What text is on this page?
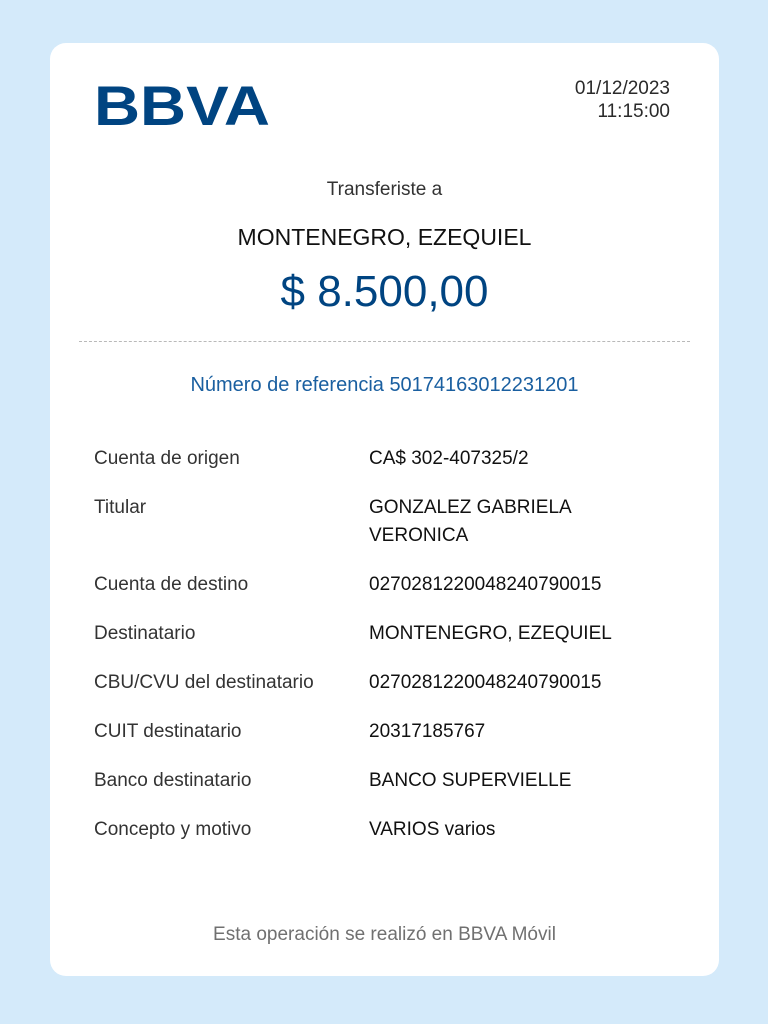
BBVA	01/12/2023
11:15:00
Transferiste a
MONTENEGRO, EZEQUIEL
$ 8.500,00
Número de referencia 50174163012231201
Cuenta de origen	CA$ 302-407325/2
Titular	GONZALEZ GABRIELA VERONICA
Cuenta de destino	0270281220048240790015
Destinatario	MONTENEGRO, EZEQUIEL
CBU/CVU del destinatario	0270281220048240790015
CUIT destinatario	20317185767
Banco destinatario	BANCO SUPERVIELLE
Concepto y motivo	VARIOS varios
Esta operación se realizó en BBVA Móvil
